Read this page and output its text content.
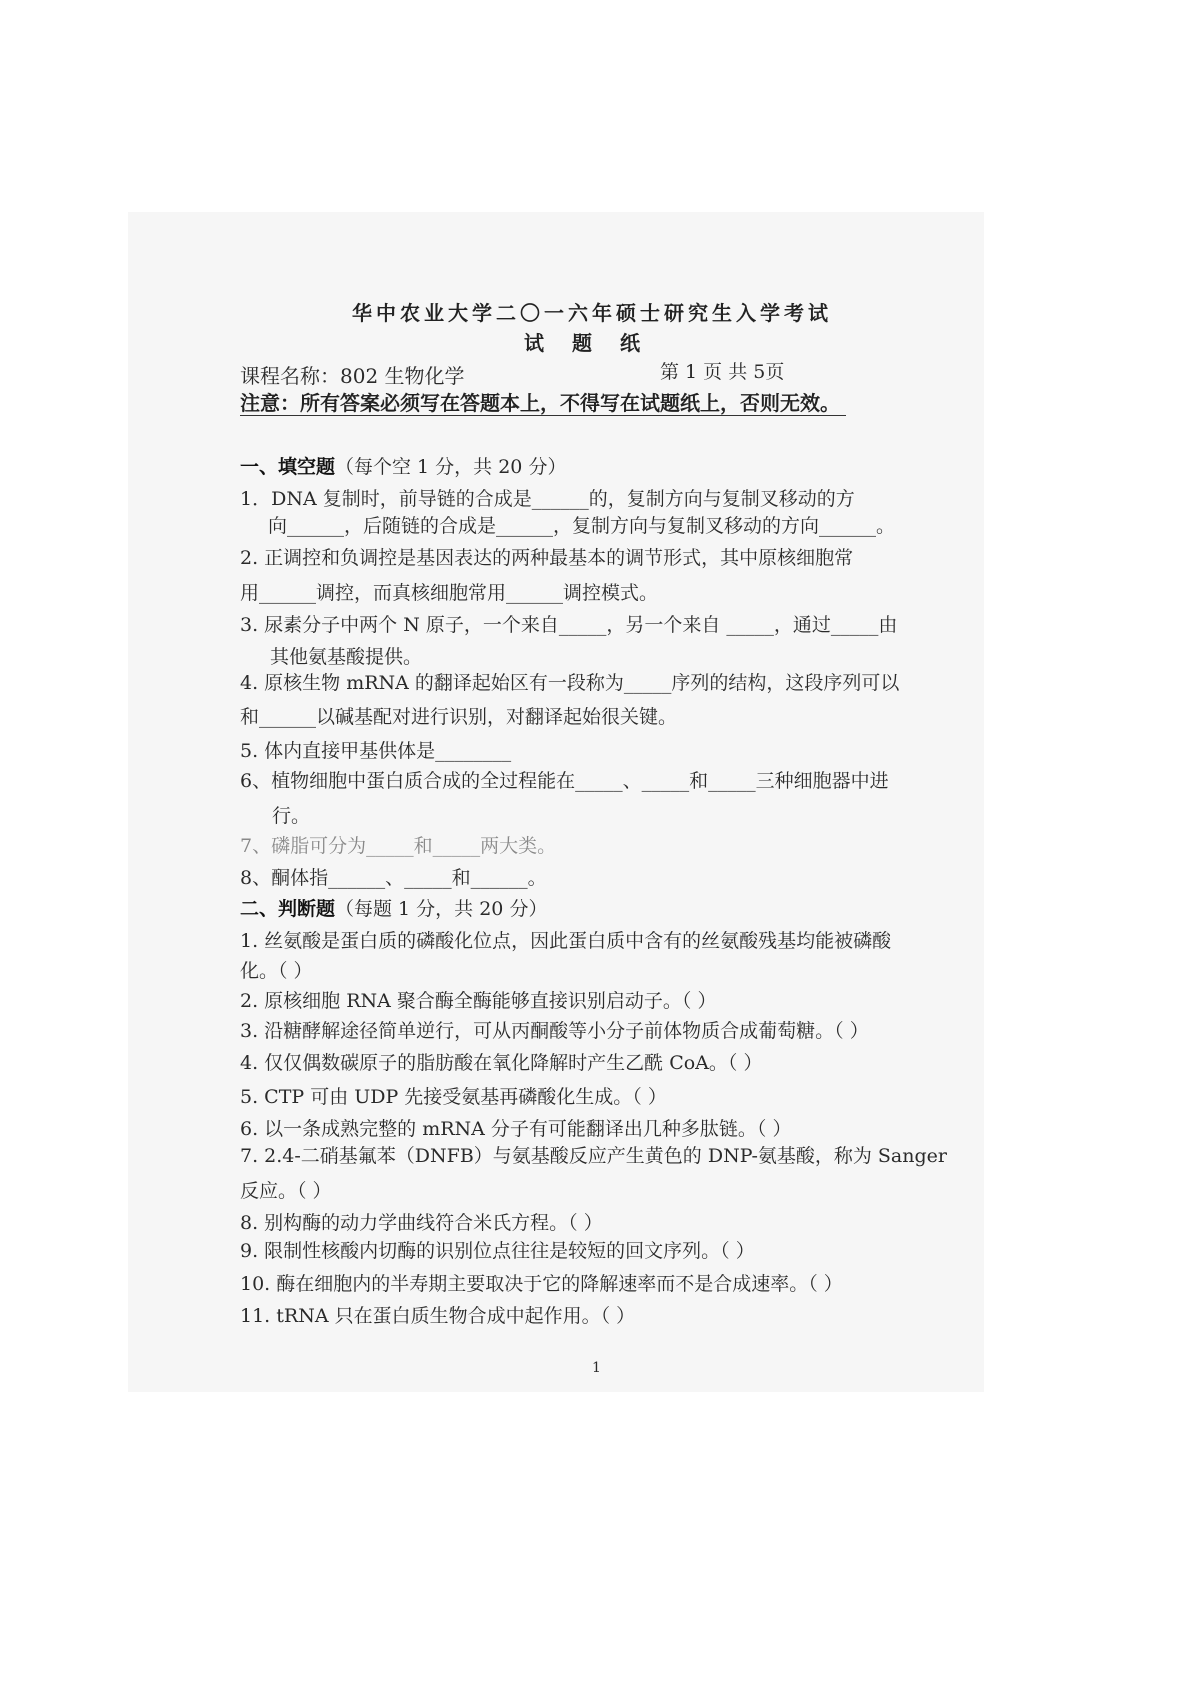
华中农业大学二〇一六年硕士研究生入学考试
试题纸
课程名称：802 生物化学	第 1 页 共 5页
注意：所有答案必须写在答题本上，不得写在试题纸上，否则无效。
一、填空题（每个空 1 分，共 20 分）
1．DNA 复制时，前导链的合成是______的，复制方向与复制叉移动的方
向______，后随链的合成是______，复制方向与复制叉移动的方向______。
2. 正调控和负调控是基因表达的两种最基本的调节形式，其中原核细胞常
用______调控，而真核细胞常用______调控模式。
3. 尿素分子中两个 N 原子，一个来自_____，另一个来自 _____，通过_____由
其他氨基酸提供。
4. 原核生物 mRNA 的翻译起始区有一段称为_____序列的结构，这段序列可以
和______以碱基配对进行识别，对翻译起始很关键。
5. 体内直接甲基供体是________
6、植物细胞中蛋白质合成的全过程能在_____、_____和_____三种细胞器中进
行。
7、磷脂可分为_____和_____两大类。
8、酮体指______、_____和______。
二、判断题（每题 1 分，共 20 分）
1. 丝氨酸是蛋白质的磷酸化位点，因此蛋白质中含有的丝氨酸残基均能被磷酸
化。（ ）
2. 原核细胞 RNA 聚合酶全酶能够直接识别启动子。（ ）
3. 沿糖酵解途径简单逆行，可从丙酮酸等小分子前体物质合成葡萄糖。（ ）
4. 仅仅偶数碳原子的脂肪酸在氧化降解时产生乙酰 CoA。（ ）
5. CTP 可由 UDP 先接受氨基再磷酸化生成。（ ）
6. 以一条成熟完整的 mRNA 分子有可能翻译出几种多肽链。（ ）
7. 2.4-二硝基氟苯（DNFB）与氨基酸反应产生黄色的 DNP-氨基酸，称为 Sanger
反应。（ ）
8. 别构酶的动力学曲线符合米氏方程。（ ）
9. 限制性核酸内切酶的识别位点往往是较短的回文序列。（ ）
10. 酶在细胞内的半寿期主要取决于它的降解速率而不是合成速率。（ ）
11. tRNA 只在蛋白质生物合成中起作用。（ ）
1
